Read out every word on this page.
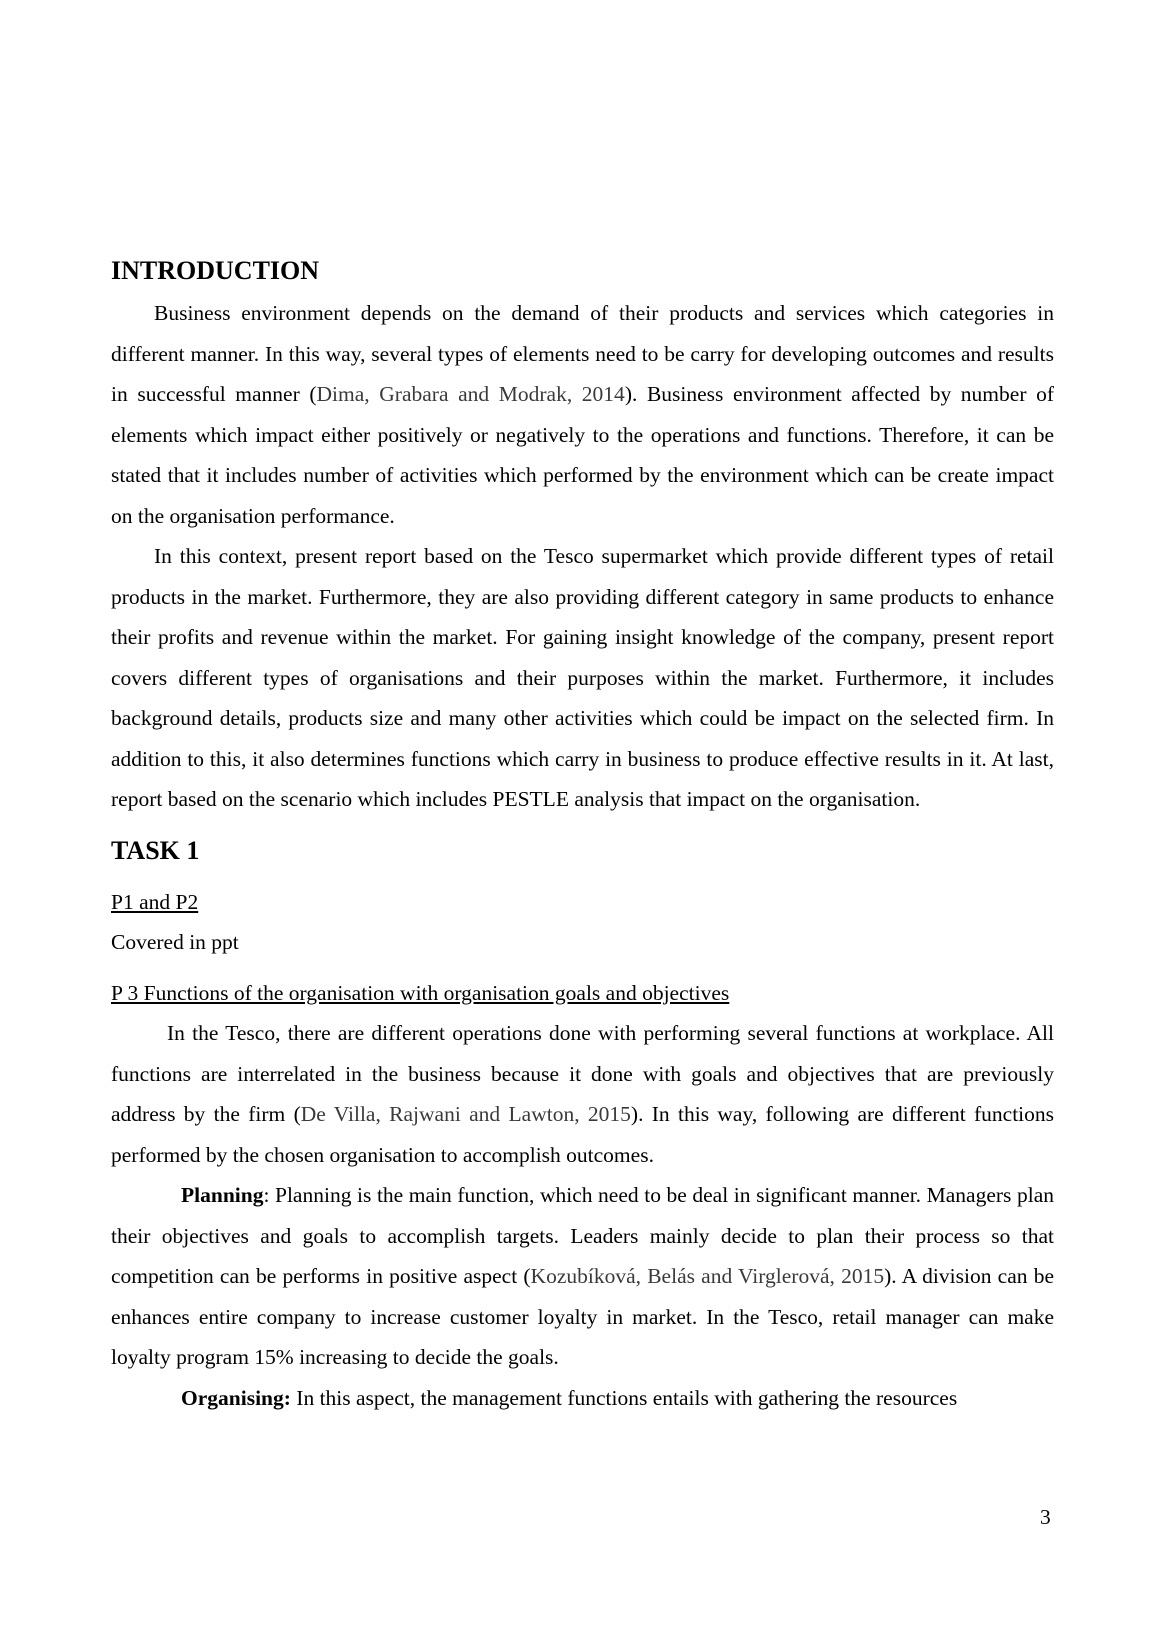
INTRODUCTION

Business environment depends on the demand of their products and services which categories in different manner. In this way, several types of elements need to be carry for developing outcomes and results in successful manner (Dima, Grabara and Modrak, 2014). Business environment affected by number of elements which impact either positively or negatively to the operations and functions. Therefore, it can be stated that it includes number of activities which performed by the environment which can be create impact on the organisation performance.

In this context, present report based on the Tesco supermarket which provide different types of retail products in the market. Furthermore, they are also providing different category in same products to enhance their profits and revenue within the market. For gaining insight knowledge of the company, present report covers different types of organisations and their purposes within the market. Furthermore, it includes background details, products size and many other activities which could be impact on the selected firm. In addition to this, it also determines functions which carry in business to produce effective results in it. At last, report based on the scenario which includes PESTLE analysis that impact on the organisation.

TASK 1
P1 and P2
Covered in ppt
P 3 Functions of the organisation with organisation goals and objectives

In the Tesco, there are different operations done with performing several functions at workplace. All functions are interrelated in the business because it done with goals and objectives that are previously address by the firm (De Villa, Rajwani and Lawton, 2015). In this way, following are different functions performed by the chosen organisation to accomplish outcomes.

Planning: Planning is the main function, which need to be deal in significant manner. Managers plan their objectives and goals to accomplish targets. Leaders mainly decide to plan their process so that competition can be performs in positive aspect (Kozubíková, Belás and Virglerová, 2015). A division can be enhances entire company to increase customer loyalty in market. In the Tesco, retail manager can make loyalty program 15% increasing to decide the goals.

Organising: In this aspect, the management functions entails with gathering the resources

3
